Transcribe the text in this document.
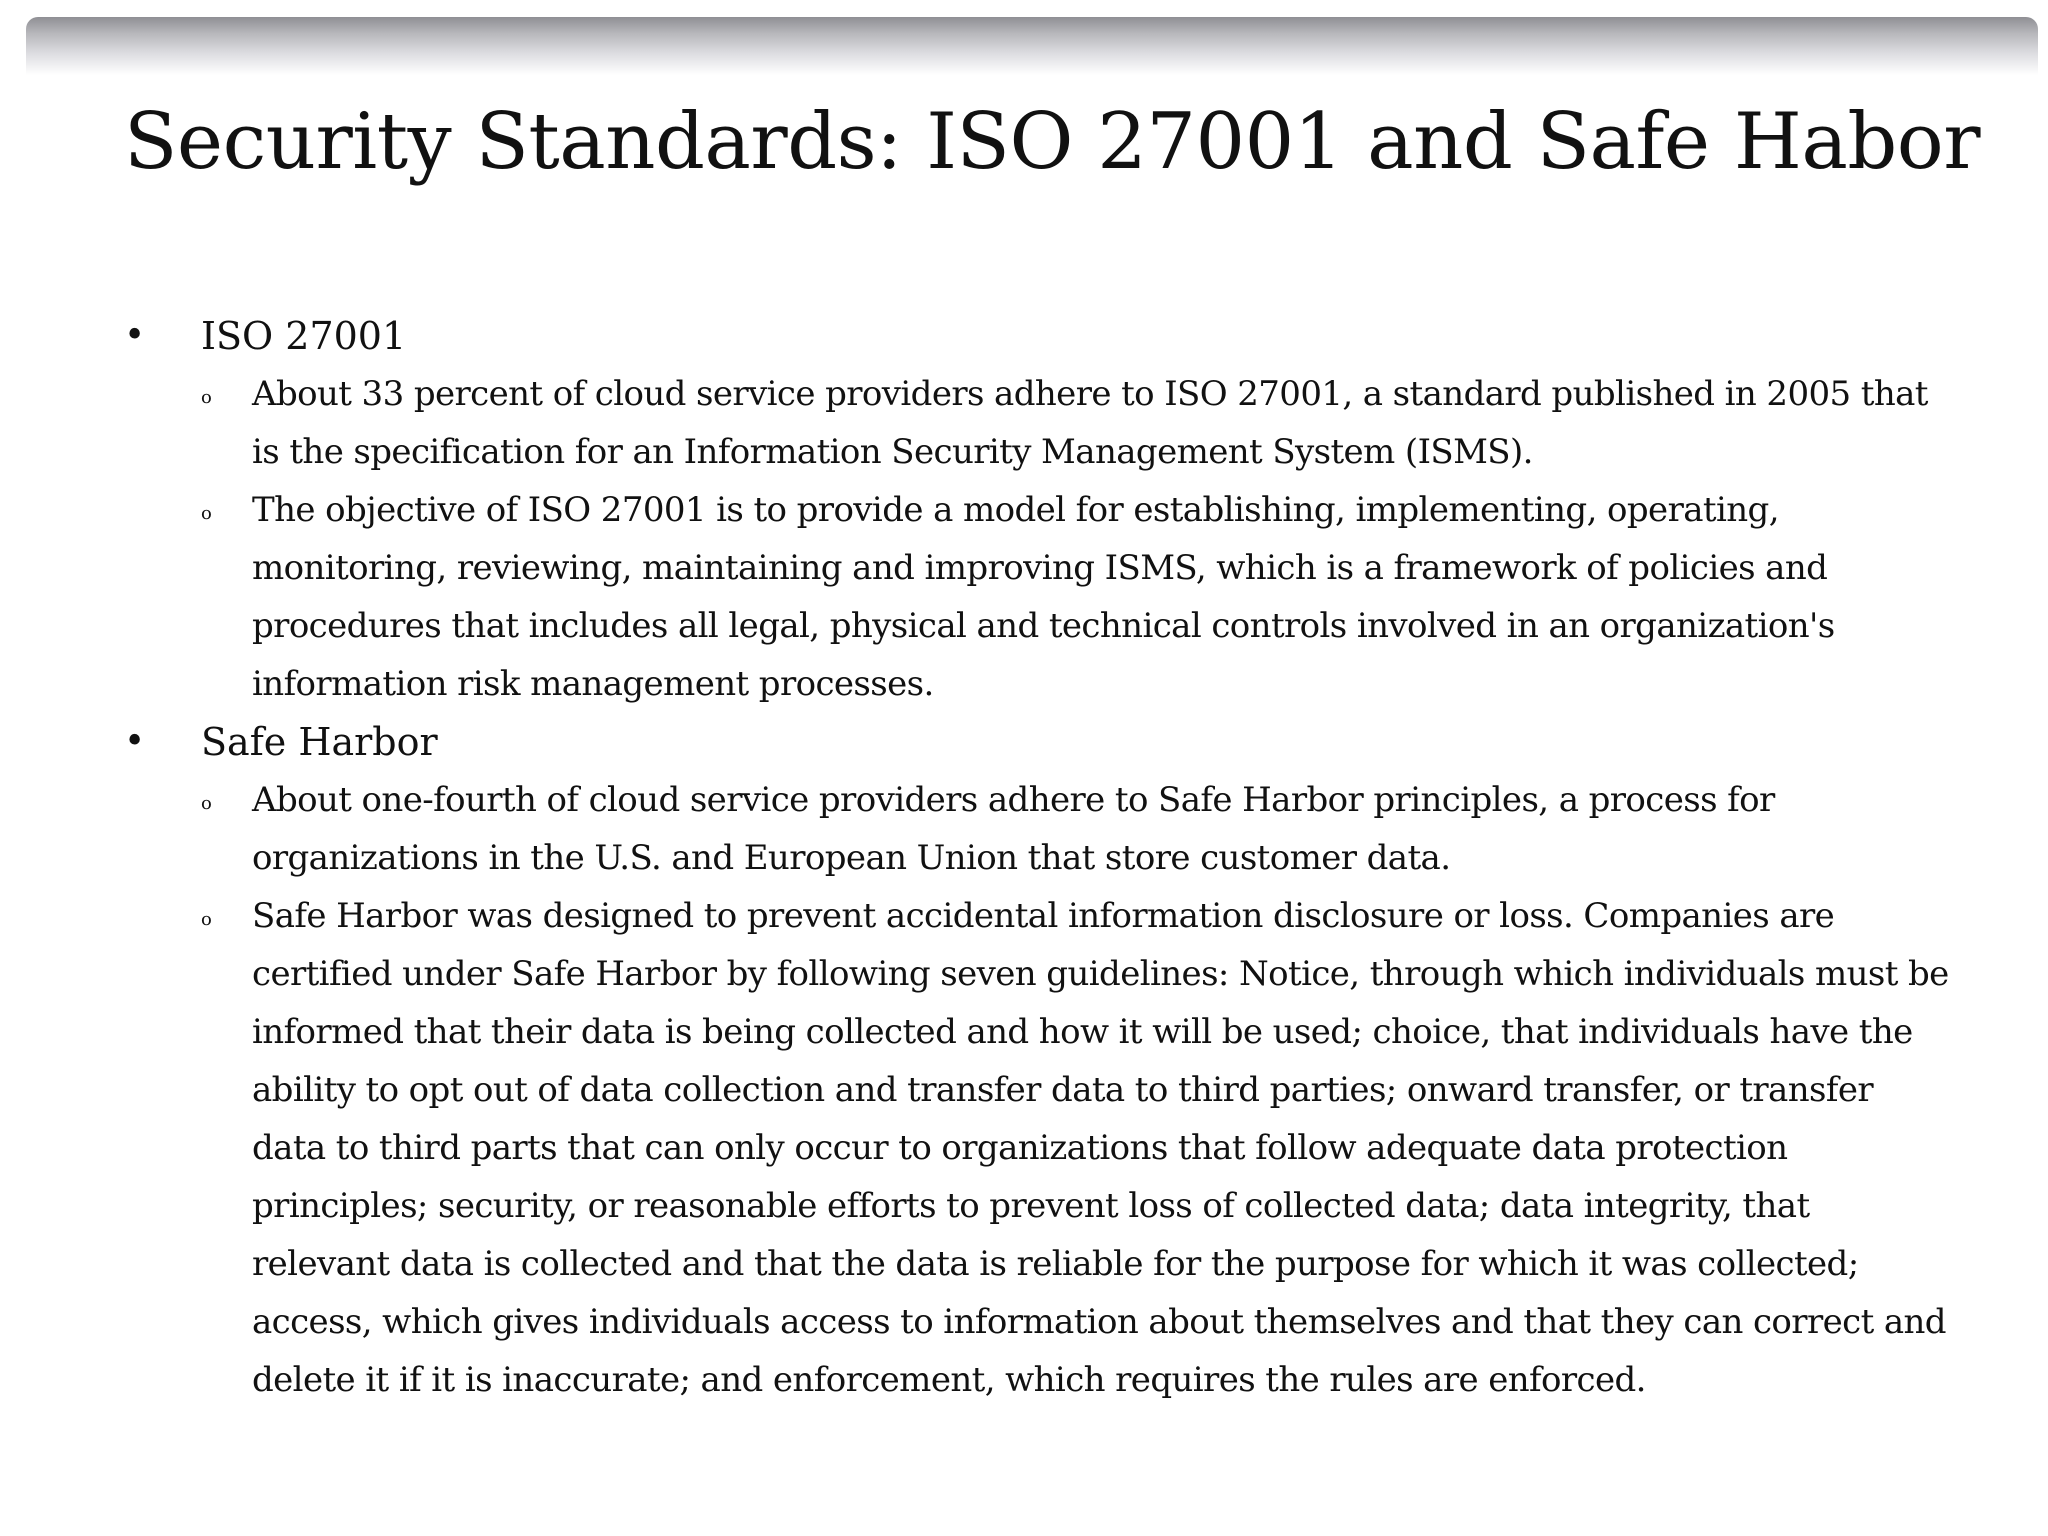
Security Standards: ISO 27001 and Safe Habor
• ISO 27001
o About 33 percent of cloud service providers adhere to ISO 27001, a standard published in 2005 that is the specification for an Information Security Management System (ISMS).
o The objective of ISO 27001 is to provide a model for establishing, implementing, operating, monitoring, reviewing, maintaining and improving ISMS, which is a framework of policies and procedures that includes all legal, physical and technical controls involved in an organization's information risk management processes.
• Safe Harbor
o About one-fourth of cloud service providers adhere to Safe Harbor principles, a process for organizations in the U.S. and European Union that store customer data.
o Safe Harbor was designed to prevent accidental information disclosure or loss. Companies are certified under Safe Harbor by following seven guidelines: Notice, through which individuals must be informed that their data is being collected and how it will be used; choice, that individuals have the ability to opt out of data collection and transfer data to third parties; onward transfer, or transfer data to third parts that can only occur to organizations that follow adequate data protection principles; security, or reasonable efforts to prevent loss of collected data; data integrity, that relevant data is collected and that the data is reliable for the purpose for which it was collected; access, which gives individuals access to information about themselves and that they can correct and delete it if it is inaccurate; and enforcement, which requires the rules are enforced.
